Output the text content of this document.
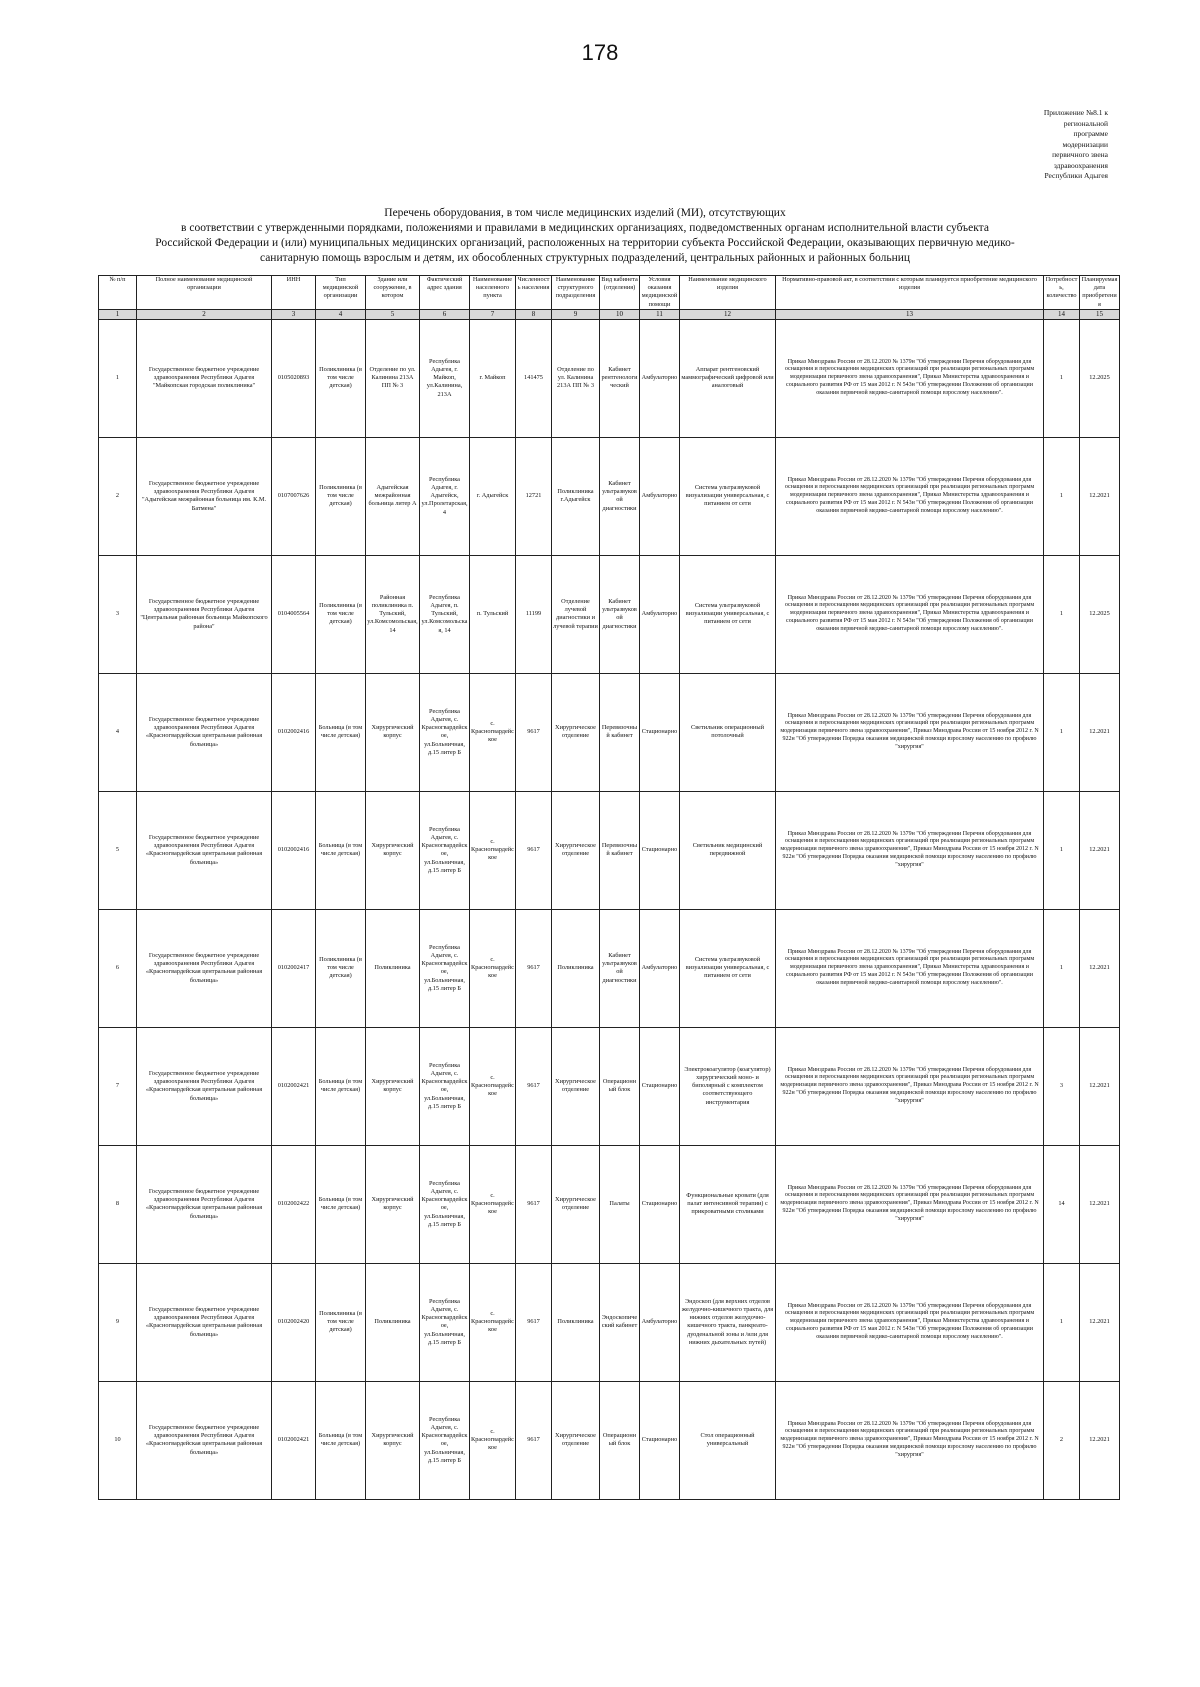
178
Приложение №8.1 к
региональной
программе
модернизации
первичного звена
здравоохранения
Республики Адыгея
Перечень оборудования, в том числе медицинских изделий (МИ), отсутствующих
в соответствии с утвержденными порядками, положениями и правилами в медицинских организациях, подведомственных органам исполнительной власти субъекта
Российской Федерации и (или) муниципальных медицинских организаций, расположенных на территории субъекта Российской Федерации, оказывающих первичную медико-
санитарную помощь взрослым и детям, их обособленных структурных подразделений, центральных районных и районных больниц
№ п/п	Полное наименование медицинской организации	ИНН	Тип медицинской организации	Здание или сооружение, в котором	Фактический адрес здания	Наименование населенного пункта	Численность населения	Наименование структурного подразделения	Вид кабинета (отделения)	Условия оказания медицинской помощи	Наименование медицинского изделия	Нормативно-правовой акт, в соответствии с которым планируется приобретение медицинского изделия	Потребность, количество	Планируемая дата приобретения
1	2	3	4	5	6	7	8	9	10	11	12	13	14	15
1	Государственное бюджетное учреждение здравоохранения Республики Адыгея "Майкопская городская поликлиника"	0105020893	Поликлиника (в том числе детская)	Отделение по ул. Калинина 213А ПП № 3	Республика Адыгея, г. Майкоп, ул.Калинина, 213А	г. Майкоп	141475	Отделение по ул. Калинина 213А ПП № 3	Кабинет рентгенологический	Амбулаторно	Аппарат рентгеновский маммографический цифровой или аналоговый	Приказ Минздрава России от 28.12.2020 № 1379н "Об утверждении Перечня оборудования для оснащения и переоснащения медицинских организаций при реализации региональных программ модернизации первичного звена здравоохранения", Приказ Министерства здравоохранения и социального развития РФ от 15 мая 2012 г. N 543н "Об утверждении Положения об организации оказания первичной медико-санитарной помощи взрослому населению".	1	12.2025
2	Государственное бюджетное учреждение здравоохранения Республики Адыгея "Адыгейская межрайонная больница им. К.М. Батмена"	0107007626	Поликлиника (в том числе детская)	Адыгейская межрайонная больница литер А	Республика Адыгея, г. Адыгейск, ул.Пролетарская, 4	г. Адыгейск	12721	Поликлиника г.Адыгейск	Кабинет ультразвуковой диагностики	Амбулаторно	Система ультразвуковой визуализации универсальная, с питанием от сети	Приказ Минздрава России от 28.12.2020 № 1379н "Об утверждении Перечня оборудования для оснащения и переоснащения медицинских организаций при реализации региональных программ модернизации первичного звена здравоохранения", Приказ Министерства здравоохранения и социального развития РФ от 15 мая 2012 г. N 543н "Об утверждении Положения об организации оказания первичной медико-санитарной помощи взрослому населению".	1	12.2021
3	Государственное бюджетное учреждение здравоохранения Республики Адыгея "Центральная районная больница Майкопского района"	0104005564	Поликлиника (в том числе детская)	Районная поликлиника п. Тульский, ул.Комсомольская, 14	Республика Адыгея, п. Тульский, ул.Комсомольская, 14	п. Тульский	11199	Отделение лучевой диагностики и лучевой терапии	Кабинет ультразвуковой диагностики	Амбулаторно	Система ультразвуковой визуализации универсальная, с питанием от сети	Приказ Минздрава России от 28.12.2020 № 1379н "Об утверждении Перечня оборудования для оснащения и переоснащения медицинских организаций при реализации региональных программ модернизации первичного звена здравоохранения", Приказ Министерства здравоохранения и социального развития РФ от 15 мая 2012 г. N 543н "Об утверждении Положения об организации оказания первичной медико-санитарной помощи взрослому населению".	1	12.2025
4	Государственное бюджетное учреждение здравоохранения Республики Адыгея «Красногвардейская центральная районная больница»	0102002416	Больница (в том числе детская)	Хирургический корпус	Республика Адыгея, с. Красногвардейское, ул.Больничная, д.15 литер Б	с. Красногвардейское	9617	Хирургическое отделение	Перевязочный кабинет	Стационарно	Светильник операционный потолочный	Приказ Минздрава России от 28.12.2020 № 1379н "Об утверждении Перечня оборудования для оснащения и переоснащения медицинских организаций при реализации региональных программ модернизации первичного звена здравоохранения", Приказ Минздрава России от 15 ноября 2012 г. N 922н "Об утверждении Порядка оказания медицинской помощи взрослому населению по профилю "хирургия"	1	12.2021
5	Государственное бюджетное учреждение здравоохранения Республики Адыгея «Красногвардейская центральная районная больница»	0102002416	Больница (в том числе детская)	Хирургический корпус	Республика Адыгея, с. Красногвардейское, ул.Больничная, д.15 литер Б	с. Красногвардейское	9617	Хирургическое отделение	Перевязочный кабинет	Стационарно	Светильник медицинский передвижной	Приказ Минздрава России от 28.12.2020 № 1379н "Об утверждении Перечня оборудования для оснащения и переоснащения медицинских организаций при реализации региональных программ модернизации первичного звена здравоохранения", Приказ Минздрава России от 15 ноября 2012 г. N 922н "Об утверждении Порядка оказания медицинской помощи взрослому населению по профилю "хирургия"	1	12.2021
6	Государственное бюджетное учреждение здравоохранения Республики Адыгея «Красногвардейская центральная районная больница»	0102002417	Поликлиника (в том числе детская)	Поликлиника	Республика Адыгея, с. Красногвардейское, ул.Больничная, д.15 литер Б	с. Красногвардейское	9617	Поликлиника	Кабинет ультразвуковой диагностики	Амбулаторно	Система ультразвуковой визуализации универсальная, с питанием от сети	Приказ Минздрава России от 28.12.2020 № 1379н "Об утверждении Перечня оборудования для оснащения и переоснащения медицинских организаций при реализации региональных программ модернизации первичного звена здравоохранения", Приказ Министерства здравоохранения и социального развития РФ от 15 мая 2012 г. N 543н "Об утверждении Положения об организации оказания первичной медико-санитарной помощи взрослому населению".	1	12.2021
7	Государственное бюджетное учреждение здравоохранения Республики Адыгея «Красногвардейская центральная районная больница»	0102002421	Больница (в том числе детская)	Хирургический корпус	Республика Адыгея, с. Красногвардейское, ул.Больничная, д.15 литер Б	с. Красногвардейское	9617	Хирургическое отделение	Операционный блок	Стационарно	Электрокоагулятор (коагулятор) хирургический моно- и биполярный с комплектом соответствующего инструментария	Приказ Минздрава России от 28.12.2020 № 1379н "Об утверждении Перечня оборудования для оснащения и переоснащения медицинских организаций при реализации региональных программ модернизации первичного звена здравоохранения", Приказ Минздрава России от 15 ноября 2012 г. N 922н "Об утверждении Порядка оказания медицинской помощи взрослому населению по профилю "хирургия"	3	12.2021
8	Государственное бюджетное учреждение здравоохранения Республики Адыгея «Красногвардейская центральная районная больница»	0102002422	Больница (в том числе детская)	Хирургический корпус	Республика Адыгея, с. Красногвардейское, ул.Больничная, д.15 литер Б	с. Красногвардейское	9617	Хирургическое отделение	Палаты	Стационарно	Функциональные кровати (для палат интенсивной терапии) с прикроватными столиками	Приказ Минздрава России от 28.12.2020 № 1379н "Об утверждении Перечня оборудования для оснащения и переоснащения медицинских организаций при реализации региональных программ модернизации первичного звена здравоохранения", Приказ Минздрава России от 15 ноября 2012 г. N 922н "Об утверждении Порядка оказания медицинской помощи взрослому населению по профилю "хирургия"	14	12.2021
9	Государственное бюджетное учреждение здравоохранения Республики Адыгея «Красногвардейская центральная районная больница»	0102002420	Поликлиника (в том числе детская)	Поликлиника	Республика Адыгея, с. Красногвардейское, ул.Больничная, д.15 литер Б	с. Красногвардейское	9617	Поликлиника	Эндоскопический кабинет	Амбулаторно	Эндоскоп (для верхних отделов желудочно-кишечного тракта, для нижних отделов желудочно-кишечного тракта, панкреато-дуоденальной зоны и /или для нижних дыхательных путей)	Приказ Минздрава России от 28.12.2020 № 1379н "Об утверждении Перечня оборудования для оснащения и переоснащения медицинских организаций при реализации региональных программ модернизации первичного звена здравоохранения", Приказ Министерства здравоохранения и социального развития РФ от 15 мая 2012 г. N 543н "Об утверждении Положения об организации оказания первичной медико-санитарной помощи взрослому населению".	1	12.2021
10	Государственное бюджетное учреждение здравоохранения Республики Адыгея «Красногвардейская центральная районная больница»	0102002421	Больница (в том числе детская)	Хирургический корпус	Республика Адыгея, с. Красногвардейское, ул.Больничная, д.15 литер Б	с. Красногвардейское	9617	Хирургическое отделение	Операционный блок	Стационарно	Стол операционный универсальный	Приказ Минздрава России от 28.12.2020 № 1379н "Об утверждении Перечня оборудования для оснащения и переоснащения медицинских организаций при реализации региональных программ модернизации первичного звена здравоохранения", Приказ Минздрава России от 15 ноября 2012 г. N 922н "Об утверждении Порядка оказания медицинской помощи взрослому населению по профилю "хирургия"	2	12.2021
